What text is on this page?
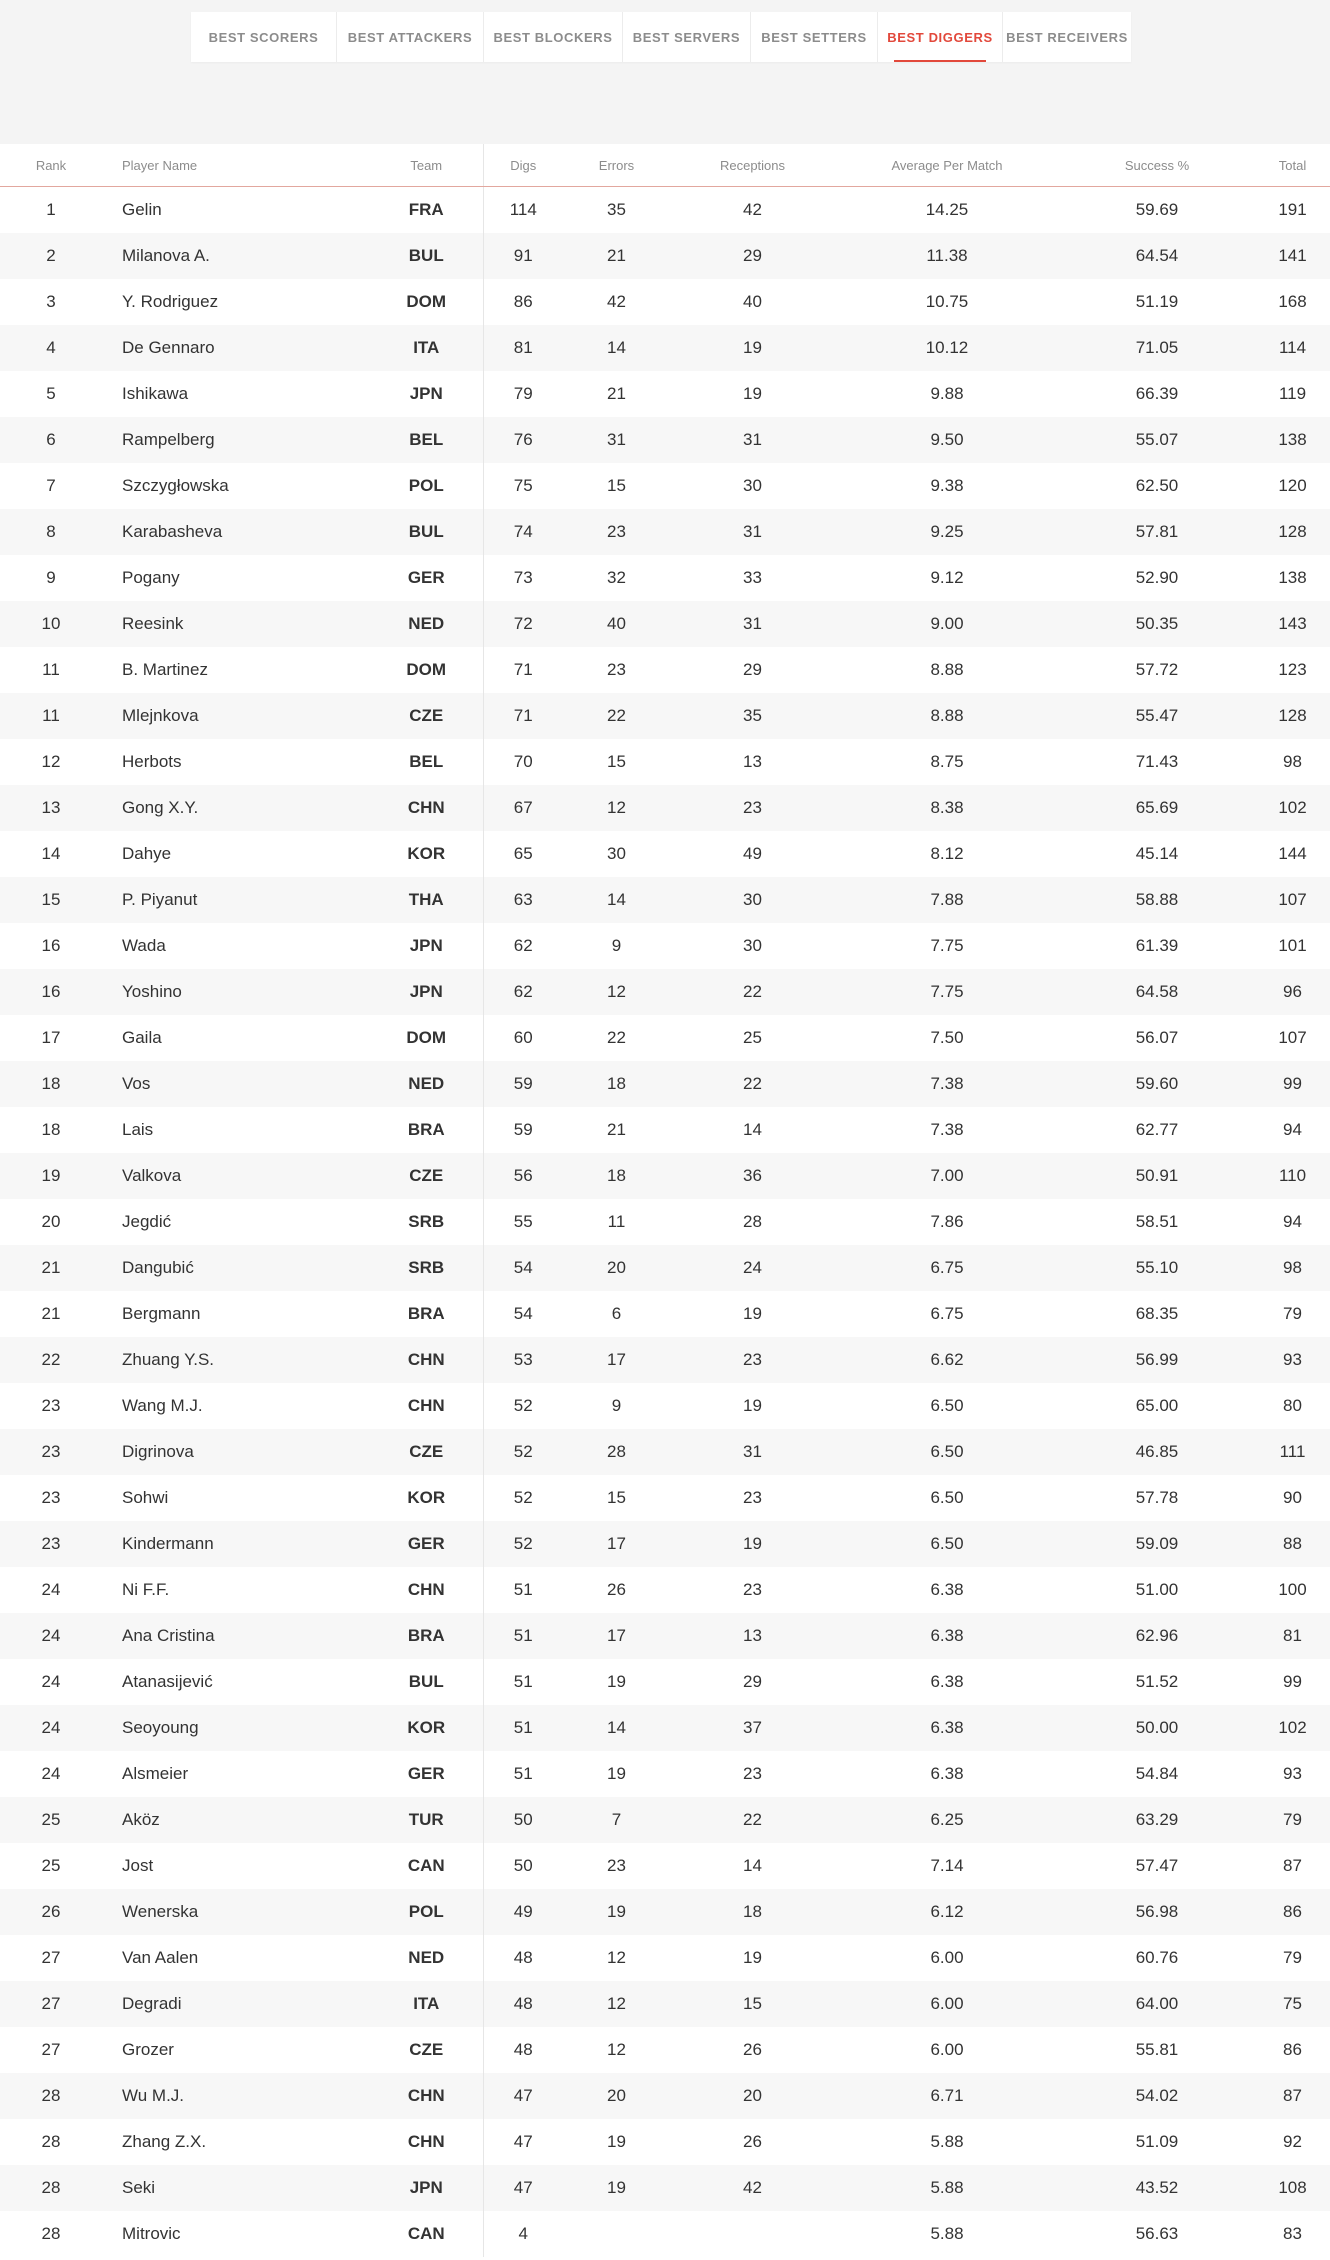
BEST SCORERS	BEST ATTACKERS	BEST BLOCKERS	BEST SERVERS	BEST SETTERS	BEST DIGGERS	BEST RECEIVERS
Rank	Player Name	Team	Digs	Errors	Receptions	Average Per Match	Success %	Total
1	Gelin	FRA	114	35	42	14.25	59.69	191
2	Milanova A.	BUL	91	21	29	11.38	64.54	141
3	Y. Rodriguez	DOM	86	42	40	10.75	51.19	168
4	De Gennaro	ITA	81	14	19	10.12	71.05	114
5	Ishikawa	JPN	79	21	19	9.88	66.39	119
6	Rampelberg	BEL	76	31	31	9.50	55.07	138
7	Szczygłowska	POL	75	15	30	9.38	62.50	120
8	Karabasheva	BUL	74	23	31	9.25	57.81	128
9	Pogany	GER	73	32	33	9.12	52.90	138
10	Reesink	NED	72	40	31	9.00	50.35	143
11	B. Martinez	DOM	71	23	29	8.88	57.72	123
11	Mlejnkova	CZE	71	22	35	8.88	55.47	128
12	Herbots	BEL	70	15	13	8.75	71.43	98
13	Gong X.Y.	CHN	67	12	23	8.38	65.69	102
14	Dahye	KOR	65	30	49	8.12	45.14	144
15	P. Piyanut	THA	63	14	30	7.88	58.88	107
16	Wada	JPN	62	9	30	7.75	61.39	101
16	Yoshino	JPN	62	12	22	7.75	64.58	96
17	Gaila	DOM	60	22	25	7.50	56.07	107
18	Vos	NED	59	18	22	7.38	59.60	99
18	Lais	BRA	59	21	14	7.38	62.77	94
19	Valkova	CZE	56	18	36	7.00	50.91	110
20	Jegdić	SRB	55	11	28	7.86	58.51	94
21	Dangubić	SRB	54	20	24	6.75	55.10	98
21	Bergmann	BRA	54	6	19	6.75	68.35	79
22	Zhuang Y.S.	CHN	53	17	23	6.62	56.99	93
23	Wang M.J.	CHN	52	9	19	6.50	65.00	80
23	Digrinova	CZE	52	28	31	6.50	46.85	111
23	Sohwi	KOR	52	15	23	6.50	57.78	90
23	Kindermann	GER	52	17	19	6.50	59.09	88
24	Ni F.F.	CHN	51	26	23	6.38	51.00	100
24	Ana Cristina	BRA	51	17	13	6.38	62.96	81
24	Atanasijević	BUL	51	19	29	6.38	51.52	99
24	Seoyoung	KOR	51	14	37	6.38	50.00	102
24	Alsmeier	GER	51	19	23	6.38	54.84	93
25	Aköz	TUR	50	7	22	6.25	63.29	79
25	Jost	CAN	50	23	14	7.14	57.47	87
26	Wenerska	POL	49	19	18	6.12	56.98	86
27	Van Aalen	NED	48	12	19	6.00	60.76	79
27	Degradi	ITA	48	12	15	6.00	64.00	75
27	Grozer	CZE	48	12	26	6.00	55.81	86
28	Wu M.J.	CHN	47	20	20	6.71	54.02	87
28	Zhang Z.X.	CHN	47	19	26	5.88	51.09	92
28	Seki	JPN	47	19	42	5.88	43.52	108
28	Mitrovic	CAN	4			5.88	56.63	83
